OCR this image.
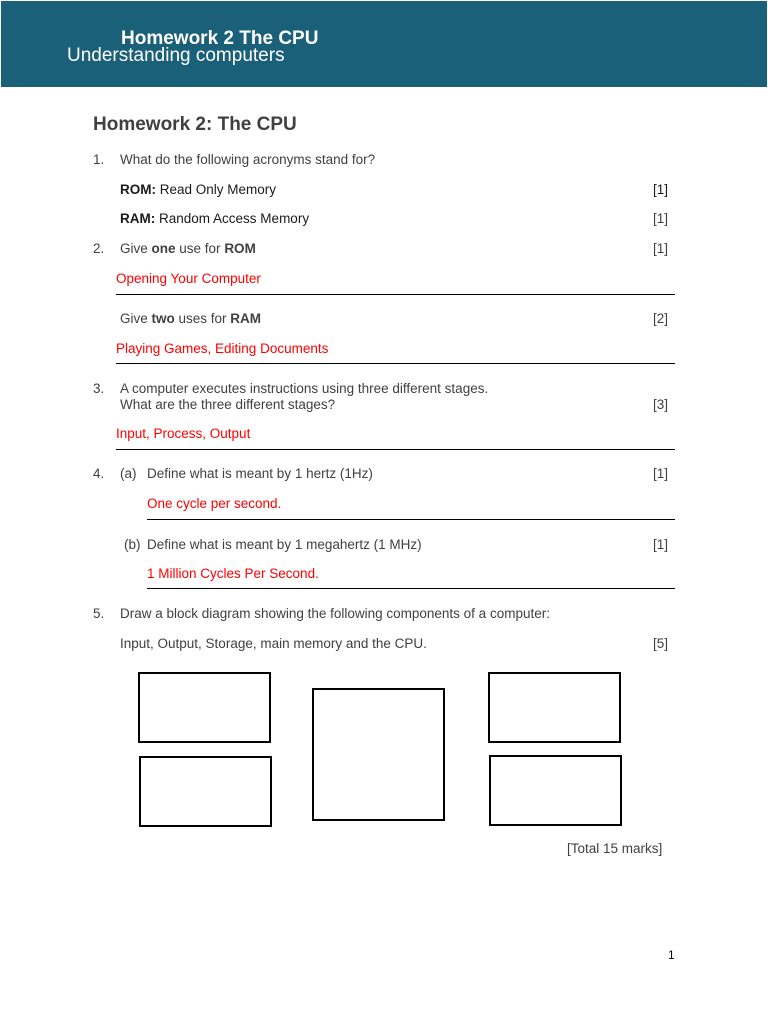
Homework 2 The CPU
Understanding computers
Homework 2: The CPU
1. What do the following acronyms stand for?
ROM: Read Only Memory	[1]
RAM: Random Access Memory	[1]
2. Give one use for ROM	[1]
Opening Your Computer
Give two uses for RAM	[2]
Playing Games, Editing Documents
3. A computer executes instructions using three different stages.
What are the three different stages?	[3]
Input, Process, Output
4. (a) Define what is meant by 1 hertz (1Hz)	[1]
One cycle per second.
(b) Define what is meant by 1 megahertz (1 MHz)	[1]
1 Million Cycles Per Second.
5. Draw a block diagram showing the following components of a computer:
Input, Output, Storage, main memory and the CPU.	[5]
[Total 15 marks]
1
